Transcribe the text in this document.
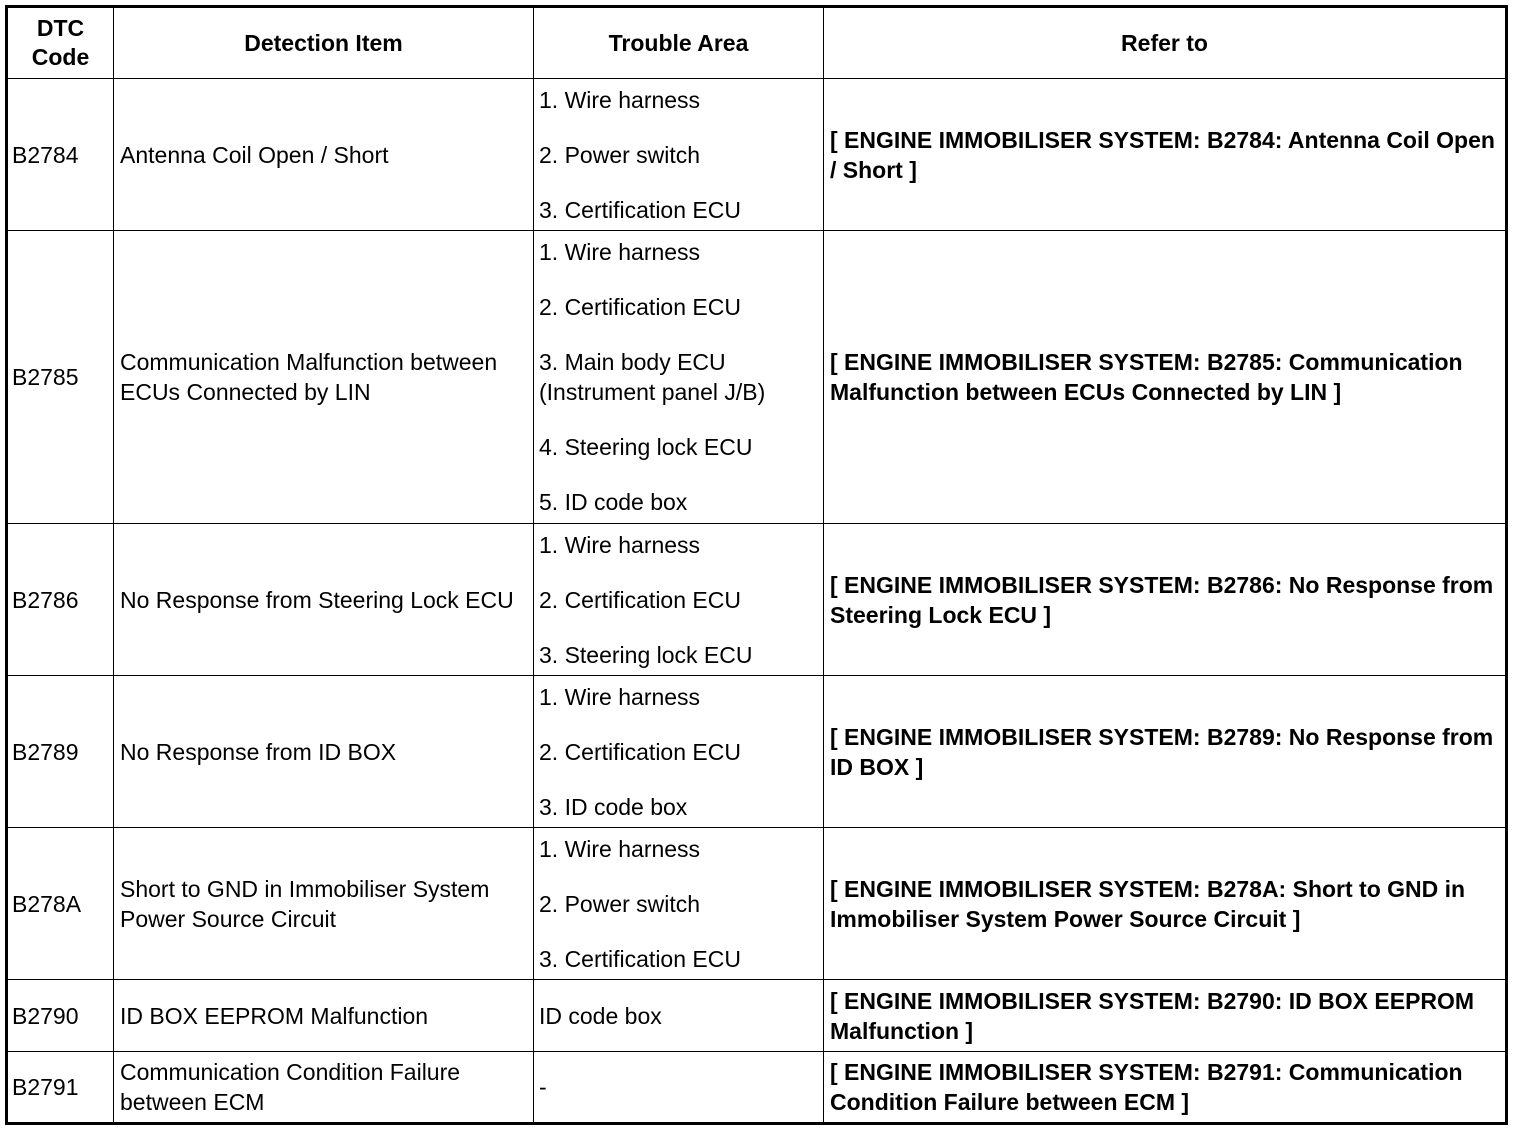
DTC
Code	Detection Item	Trouble Area	Refer to
B2784	Antenna Coil Open / Short	1. Wire harness
2. Power switch
3. Certification ECU	[ ENGINE IMMOBILISER SYSTEM: B2784: Antenna Coil Open / Short ]
B2785	Communication Malfunction between ECUs Connected by LIN	1. Wire harness
2. Certification ECU
3. Main body ECU (Instrument panel J/B)
4. Steering lock ECU
5. ID code box	[ ENGINE IMMOBILISER SYSTEM: B2785: Communication Malfunction between ECUs Connected by LIN ]
B2786	No Response from Steering Lock ECU	1. Wire harness
2. Certification ECU
3. Steering lock ECU	[ ENGINE IMMOBILISER SYSTEM: B2786: No Response from Steering Lock ECU ]
B2789	No Response from ID BOX	1. Wire harness
2. Certification ECU
3. ID code box	[ ENGINE IMMOBILISER SYSTEM: B2789: No Response from ID BOX ]
B278A	Short to GND in Immobiliser System Power Source Circuit	1. Wire harness
2. Power switch
3. Certification ECU	[ ENGINE IMMOBILISER SYSTEM: B278A: Short to GND in Immobiliser System Power Source Circuit ]
B2790	ID BOX EEPROM Malfunction	ID code box	[ ENGINE IMMOBILISER SYSTEM: B2790: ID BOX EEPROM Malfunction ]
B2791	Communication Condition Failure between ECM	-	[ ENGINE IMMOBILISER SYSTEM: B2791: Communication Condition Failure between ECM ]
